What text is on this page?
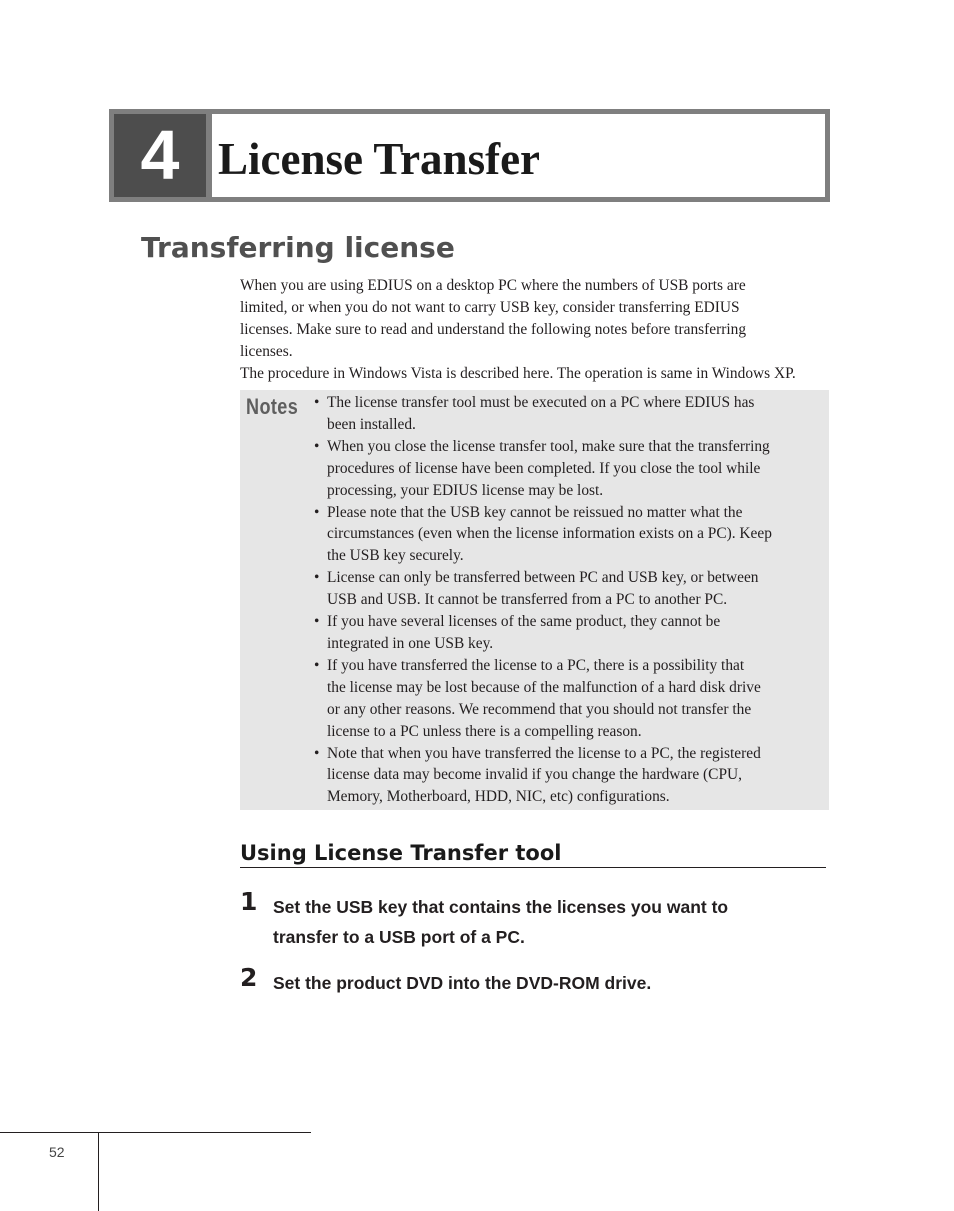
4 License Transfer
Transferring license

When you are using EDIUS on a desktop PC where the numbers of USB ports are

limited, or when you do not want to carry USB key, consider transferring EDIUS

licenses. Make sure to read and understand the following notes before transferring

licenses.

The procedure in Windows Vista is described here. The operation is same in Windows XP.

Notes
• The license transfer tool must be executed on a PC where EDIUS has
been installed.
• When you close the license transfer tool, make sure that the transferring
procedures of license have been completed. If you close the tool while
processing, your EDIUS license may be lost.
• Please note that the USB key cannot be reissued no matter what the
circumstances (even when the license information exists on a PC). Keep
the USB key securely.
• License can only be transferred between PC and USB key, or between
USB and USB. It cannot be transferred from a PC to another PC.
• If you have several licenses of the same product, they cannot be
integrated in one USB key.
• If you have transferred the license to a PC, there is a possibility that
the license may be lost because of the malfunction of a hard disk drive
or any other reasons. We recommend that you should not transfer the
license to a PC unless there is a compelling reason.
• Note that when you have transferred the license to a PC, the registered
license data may become invalid if you change the hardware (CPU,
Memory, Motherboard, HDD, NIC, etc) configurations.
Using License Transfer tool
1 Set the USB key that contains the licenses you want to
transfer to a USB port of a PC.
2 Set the product DVD into the DVD-ROM drive.
52
